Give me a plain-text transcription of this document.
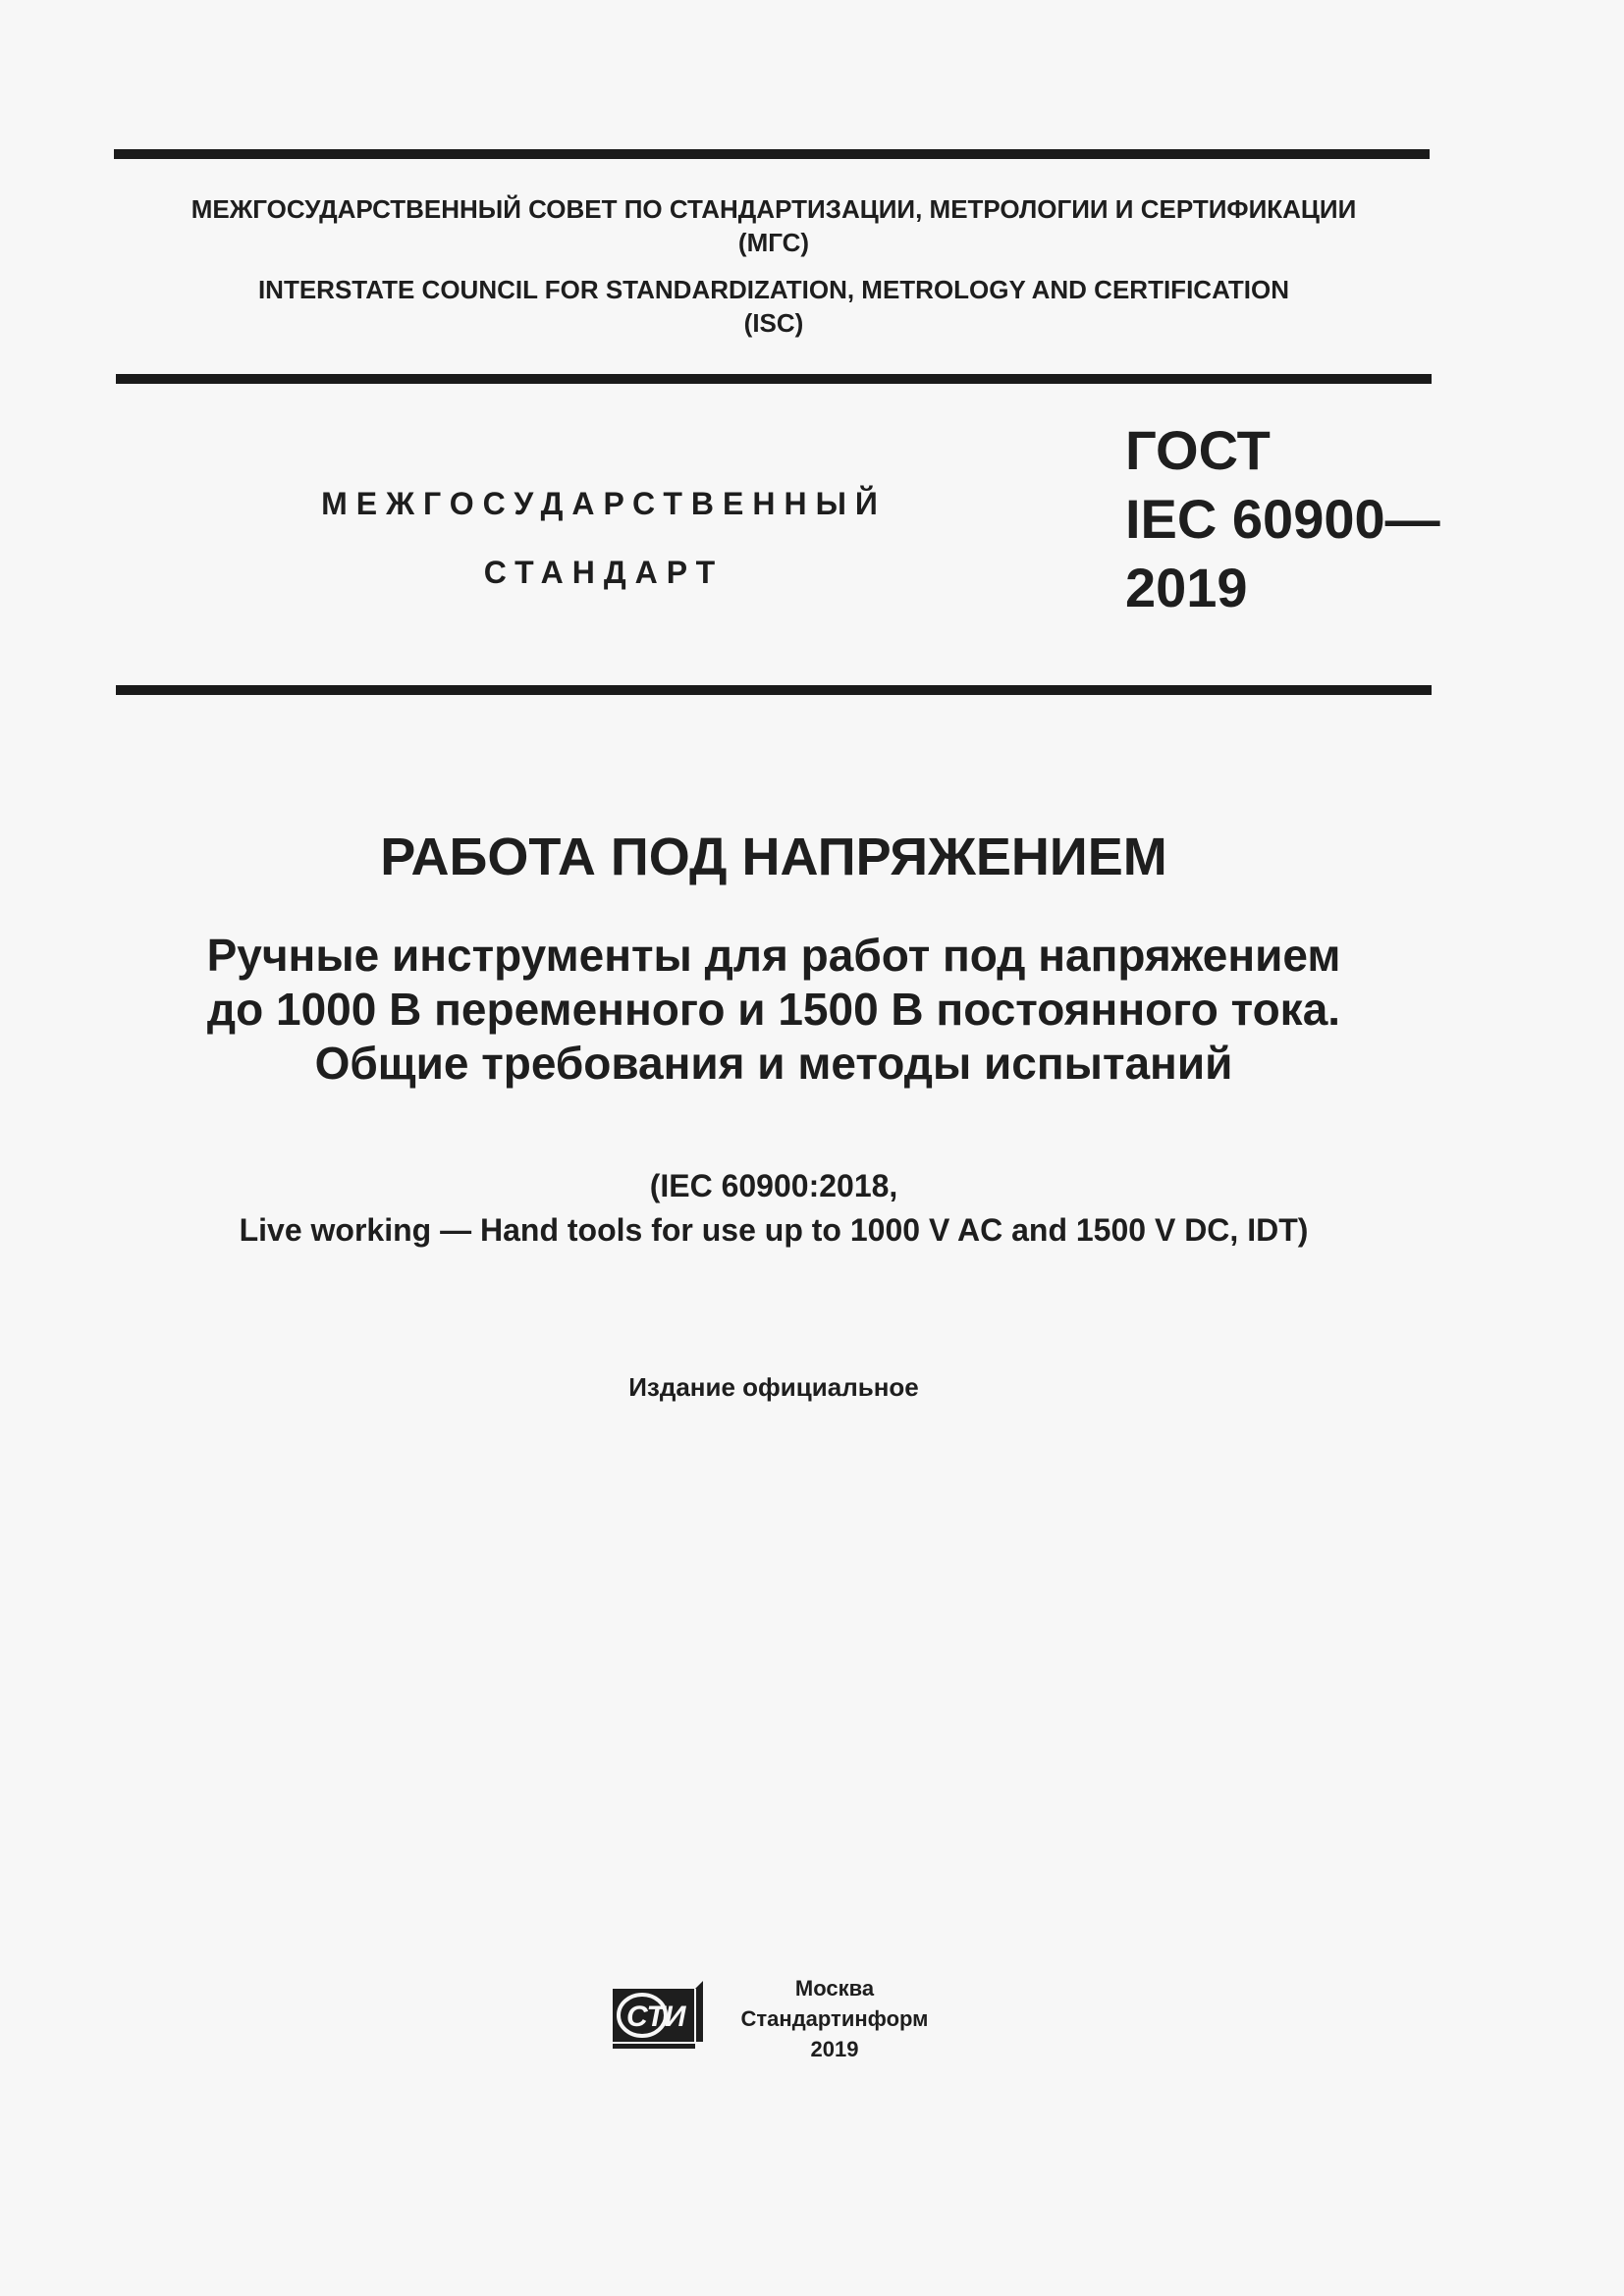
МЕЖГОСУДАРСТВЕННЫЙ СОВЕТ ПО СТАНДАРТИЗАЦИИ, МЕТРОЛОГИИ И СЕРТИФИКАЦИИ
(МГС)
INTERSTATE COUNCIL FOR STANDARDIZATION, METROLOGY AND CERTIFICATION
(ISC)
МЕЖГОСУДАРСТВЕННЫЙ
СТАНДАРТ
ГОСТ
IEC 60900—
2019
РАБОТА ПОД НАПРЯЖЕНИЕМ
Ручные инструменты для работ под напряжением
до 1000 В переменного и 1500 В постоянного тока.
Общие требования и методы испытаний
(IEC 60900:2018,
Live working — Hand tools for use up to 1000 V AC and 1500 V DC, IDT)
Издание официальное
СТИ
Москва
Стандартинформ
2019
